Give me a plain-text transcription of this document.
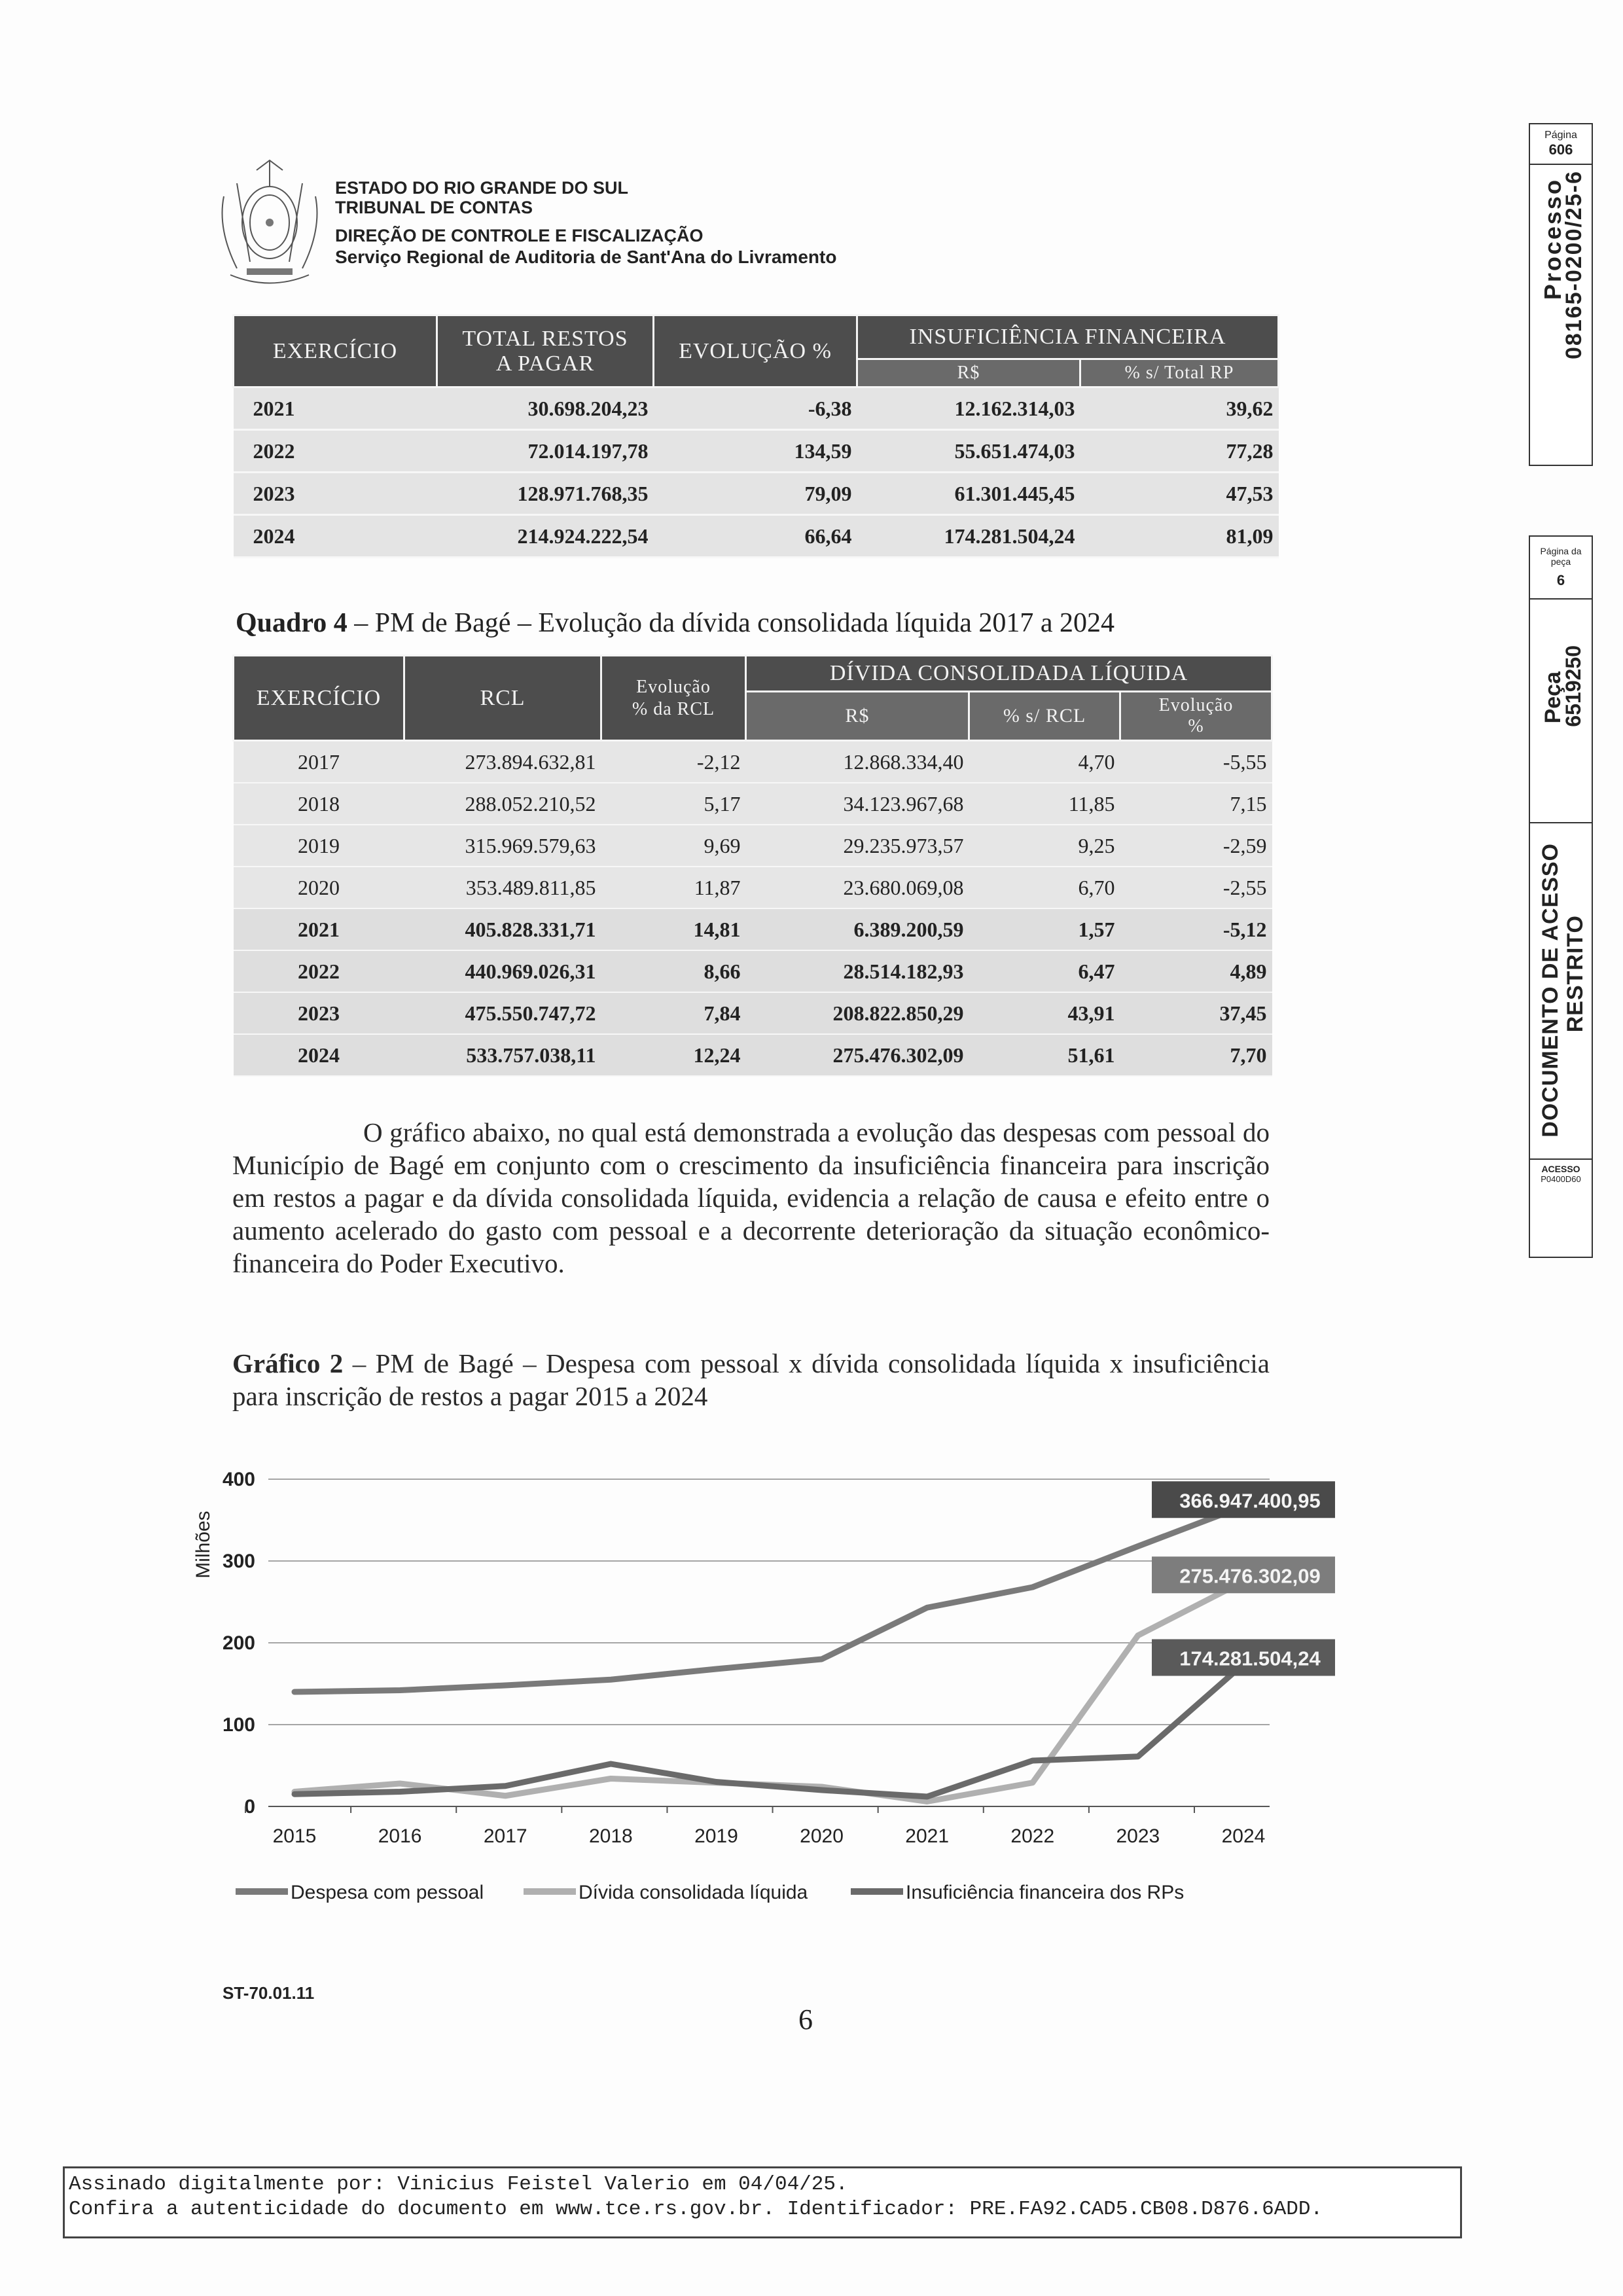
ESTADO DO RIO GRANDE DO SUL
TRIBUNAL DE CONTAS
DIREÇÃO DE CONTROLE E FISCALIZAÇÃO
Serviço Regional de Auditoria de Sant'Ana do Livramento
Página
606
Processo
08165-0200/25-6
Página da
peça
6
Peça
6519250
DOCUMENTO DE ACESSO RESTRITO
ACESSO
P0400D60
EXERCÍCIO	TOTAL RESTOS
A PAGAR	EVOLUÇÃO %	INSUFICIÊNCIA FINANCEIRA	
			R$	% s/ Total RP
2021	30.698.204,23	-6,38	12.162.314,03	39,62
2022	72.014.197,78	134,59	55.651.474,03	77,28
2023	128.971.768,35	79,09	61.301.445,45	47,53
2024	214.924.222,54	66,64	174.281.504,24	81,09
Quadro 4 – PM de Bagé – Evolução da dívida consolidada líquida 2017 a 2024
EXERCÍCIO	RCL	Evolução
% da RCL	DÍVIDA CONSOLIDADA LÍQUIDA		
			R$	% s/ RCL	Evolução
%

2017	273.894.632,81	-2,12	12.868.334,40	4,70	-5,55
2018	288.052.210,52	5,17	34.123.967,68	11,85	7,15
2019	315.969.579,63	9,69	29.235.973,57	9,25	-2,59
2020	353.489.811,85	11,87	23.680.069,08	6,70	-2,55
2021	405.828.331,71	14,81	6.389.200,59	1,57	-5,12
2022	440.969.026,31	8,66	28.514.182,93	6,47	4,89
2023	475.550.747,72	7,84	208.822.850,29	43,91	37,45
2024	533.757.038,11	12,24	275.476.302,09	51,61	7,70
O gráfico abaixo, no qual está demonstrada a evolução das despesas com pessoal do Município de Bagé em conjunto com o crescimento da insuficiência financeira para inscrição em restos a pagar e da dívida consolidada líquida, evidencia a relação de causa e efeito entre o aumento acelerado do gasto com pessoal e a decorrente deterioração da situação econômico-financeira do Poder Executivo.
Gráfico 2 – PM de Bagé – Despesa com pessoal x dívida consolidada líquida x insuficiência para inscrição de restos a pagar 2015 a 2024
0
100
200
300
400
Milhões
2015	2016	2017	2018	2019	2020	2021	2022	2023	2024
366.947.400,95
275.476.302,09
174.281.504,24
Despesa com pessoal	Dívida consolidada líquida	Insuficiência financeira dos RPs
ST-70.01.11
6
Assinado digitalmente por: Vinicius Feistel Valerio em 04/04/25.
Confira a autenticidade do documento em www.tce.rs.gov.br. Identificador: PRE.FA92.CAD5.CB08.D876.6ADD.
